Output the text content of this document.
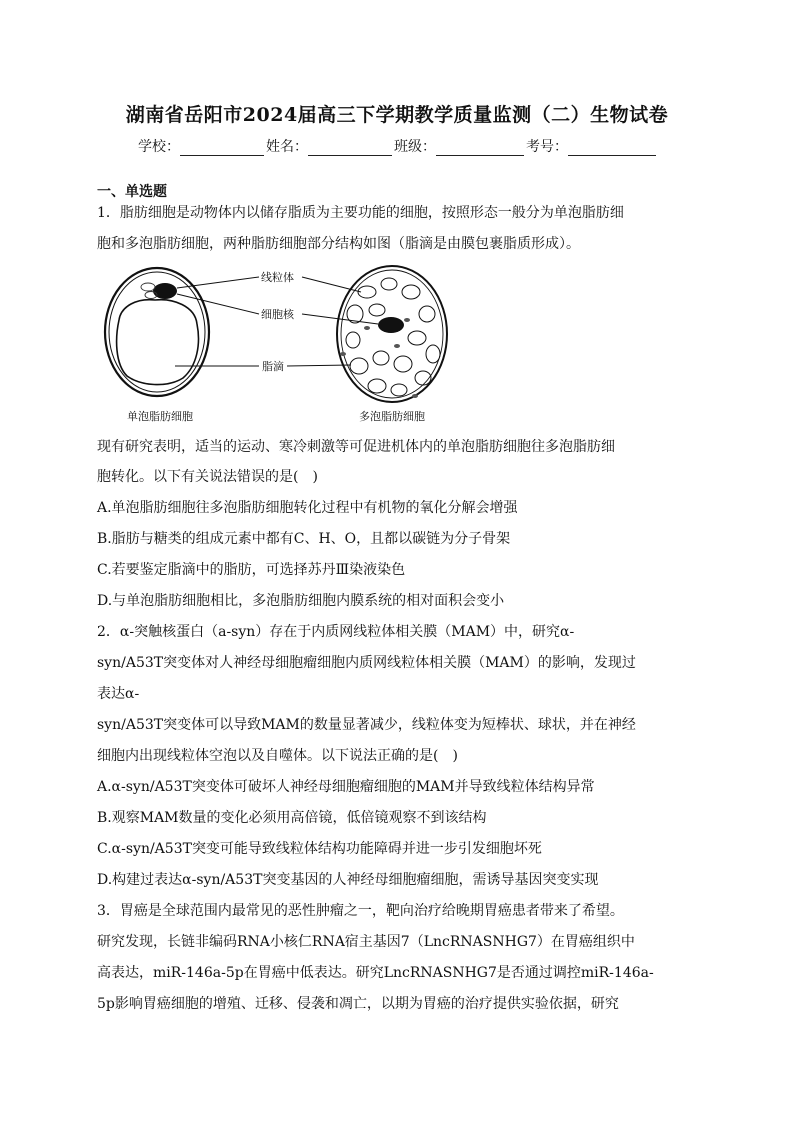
湖南省岳阳市2024届高三下学期教学质量监测（二）生物试卷
学校：	姓名：	班级：	考号：
一、单选题
1．脂肪细胞是动物体内以储存脂质为主要功能的细胞，按照形态一般分为单泡脂肪细
胞和多泡脂肪细胞，两种脂肪细胞部分结构如图（脂滴是由膜包裹脂质形成）。
线粒体
细胞核
脂滴
单泡脂肪细胞	多泡脂肪细胞
现有研究表明，适当的运动、寒冷刺激等可促进机体内的单泡脂肪细胞往多泡脂肪细
胞转化。以下有关说法错误的是(　)
A.单泡脂肪细胞往多泡脂肪细胞转化过程中有机物的氧化分解会增强
B.脂肪与糖类的组成元素中都有C、H、O，且都以碳链为分子骨架
C.若要鉴定脂滴中的脂肪，可选择苏丹Ⅲ染液染色
D.与单泡脂肪细胞相比，多泡脂肪细胞内膜系统的相对面积会变小
2．α-突触核蛋白（a-syn）存在于内质网线粒体相关膜（MAM）中，研究α-
syn/A53T突变体对人神经母细胞瘤细胞内质网线粒体相关膜（MAM）的影响，发现过
表达α-
syn/A53T突变体可以导致MAM的数量显著减少，线粒体变为短棒状、球状，并在神经
细胞内出现线粒体空泡以及自噬体。以下说法正确的是(　)
A.α-syn/A53T突变体可破坏人神经母细胞瘤细胞的MAM并导致线粒体结构异常
B.观察MAM数量的变化必须用高倍镜，低倍镜观察不到该结构
C.α-syn/A53T突变可能导致线粒体结构功能障碍并进一步引发细胞坏死
D.构建过表达α-syn/A53T突变基因的人神经母细胞瘤细胞，需诱导基因突变实现
3．胃癌是全球范围内最常见的恶性肿瘤之一，靶向治疗给晚期胃癌患者带来了希望。
研究发现，长链非编码RNA小核仁RNA宿主基因7（LncRNASNHG7）在胃癌组织中
高表达，miR-146a-5p在胃癌中低表达。研究LncRNASNHG7是否通过调控miR-146a-
5p影响胃癌细胞的增殖、迁移、侵袭和凋亡，以期为胃癌的治疗提供实验依据，研究
